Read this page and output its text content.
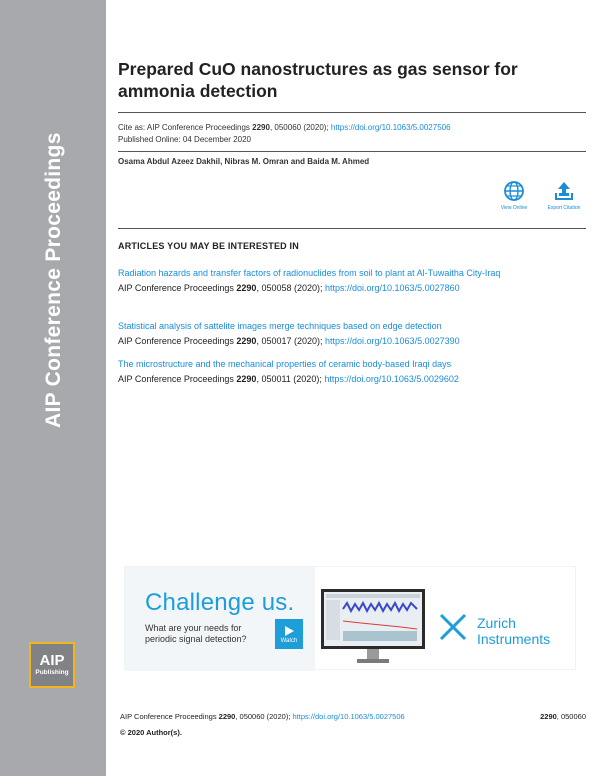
AIP Conference Proceedings
AIP
Publishing
Prepared CuO nanostructures as gas sensor for ammonia detection
Cite as: AIP Conference Proceedings 2290, 050060 (2020); https://doi.org/10.1063/5.0027506
Published Online: 04 December 2020
Osama Abdul Azeez Dakhil, Nibras M. Omran and Baida M. Ahmed
View Online	Export Citation
ARTICLES YOU MAY BE INTERESTED IN
Radiation hazards and transfer factors of radionuclides from soil to plant at Al-Tuwaitha City-Iraq
AIP Conference Proceedings 2290, 050058 (2020); https://doi.org/10.1063/5.0027860
Statistical analysis of sattelite images merge techniques based on edge detection
AIP Conference Proceedings 2290, 050017 (2020); https://doi.org/10.1063/5.0027390
The microstructure and the mechanical properties of ceramic body-based Iraqi days
AIP Conference Proceedings 2290, 050011 (2020); https://doi.org/10.1063/5.0029602
Challenge us.
What are your needs for periodic signal detection?	Watch
Zurich
Instruments
AIP Conference Proceedings 2290, 050060 (2020); https://doi.org/10.1063/5.0027506	2290, 050060
© 2020 Author(s).
